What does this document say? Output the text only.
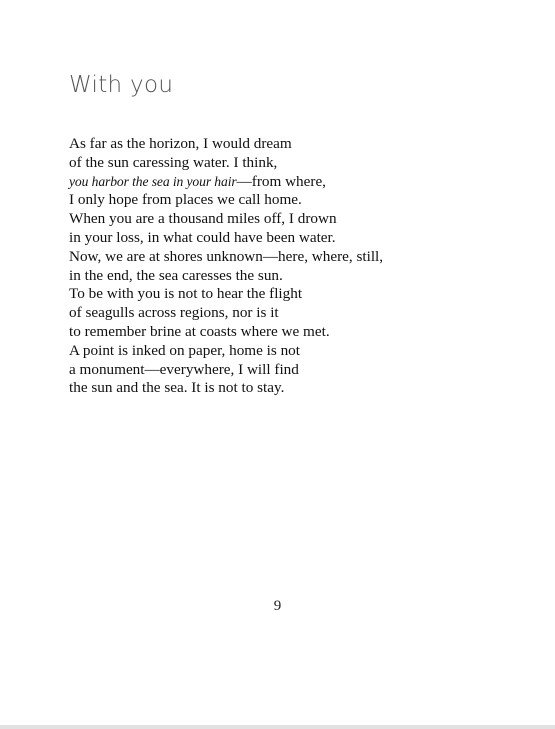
With you
As far as the horizon, I would dream
of the sun caressing water. I think,
you harbor the sea in your hair—from where,
I only hope from places we call home.
When you are a thousand miles off, I drown
in your loss, in what could have been water.
Now, we are at shores unknown—here, where, still,
in the end, the sea caresses the sun.
To be with you is not to hear the flight
of seagulls across regions, nor is it
to remember brine at coasts where we met.
A point is inked on paper, home is not
a monument—everywhere, I will find
the sun and the sea. It is not to stay.
9
